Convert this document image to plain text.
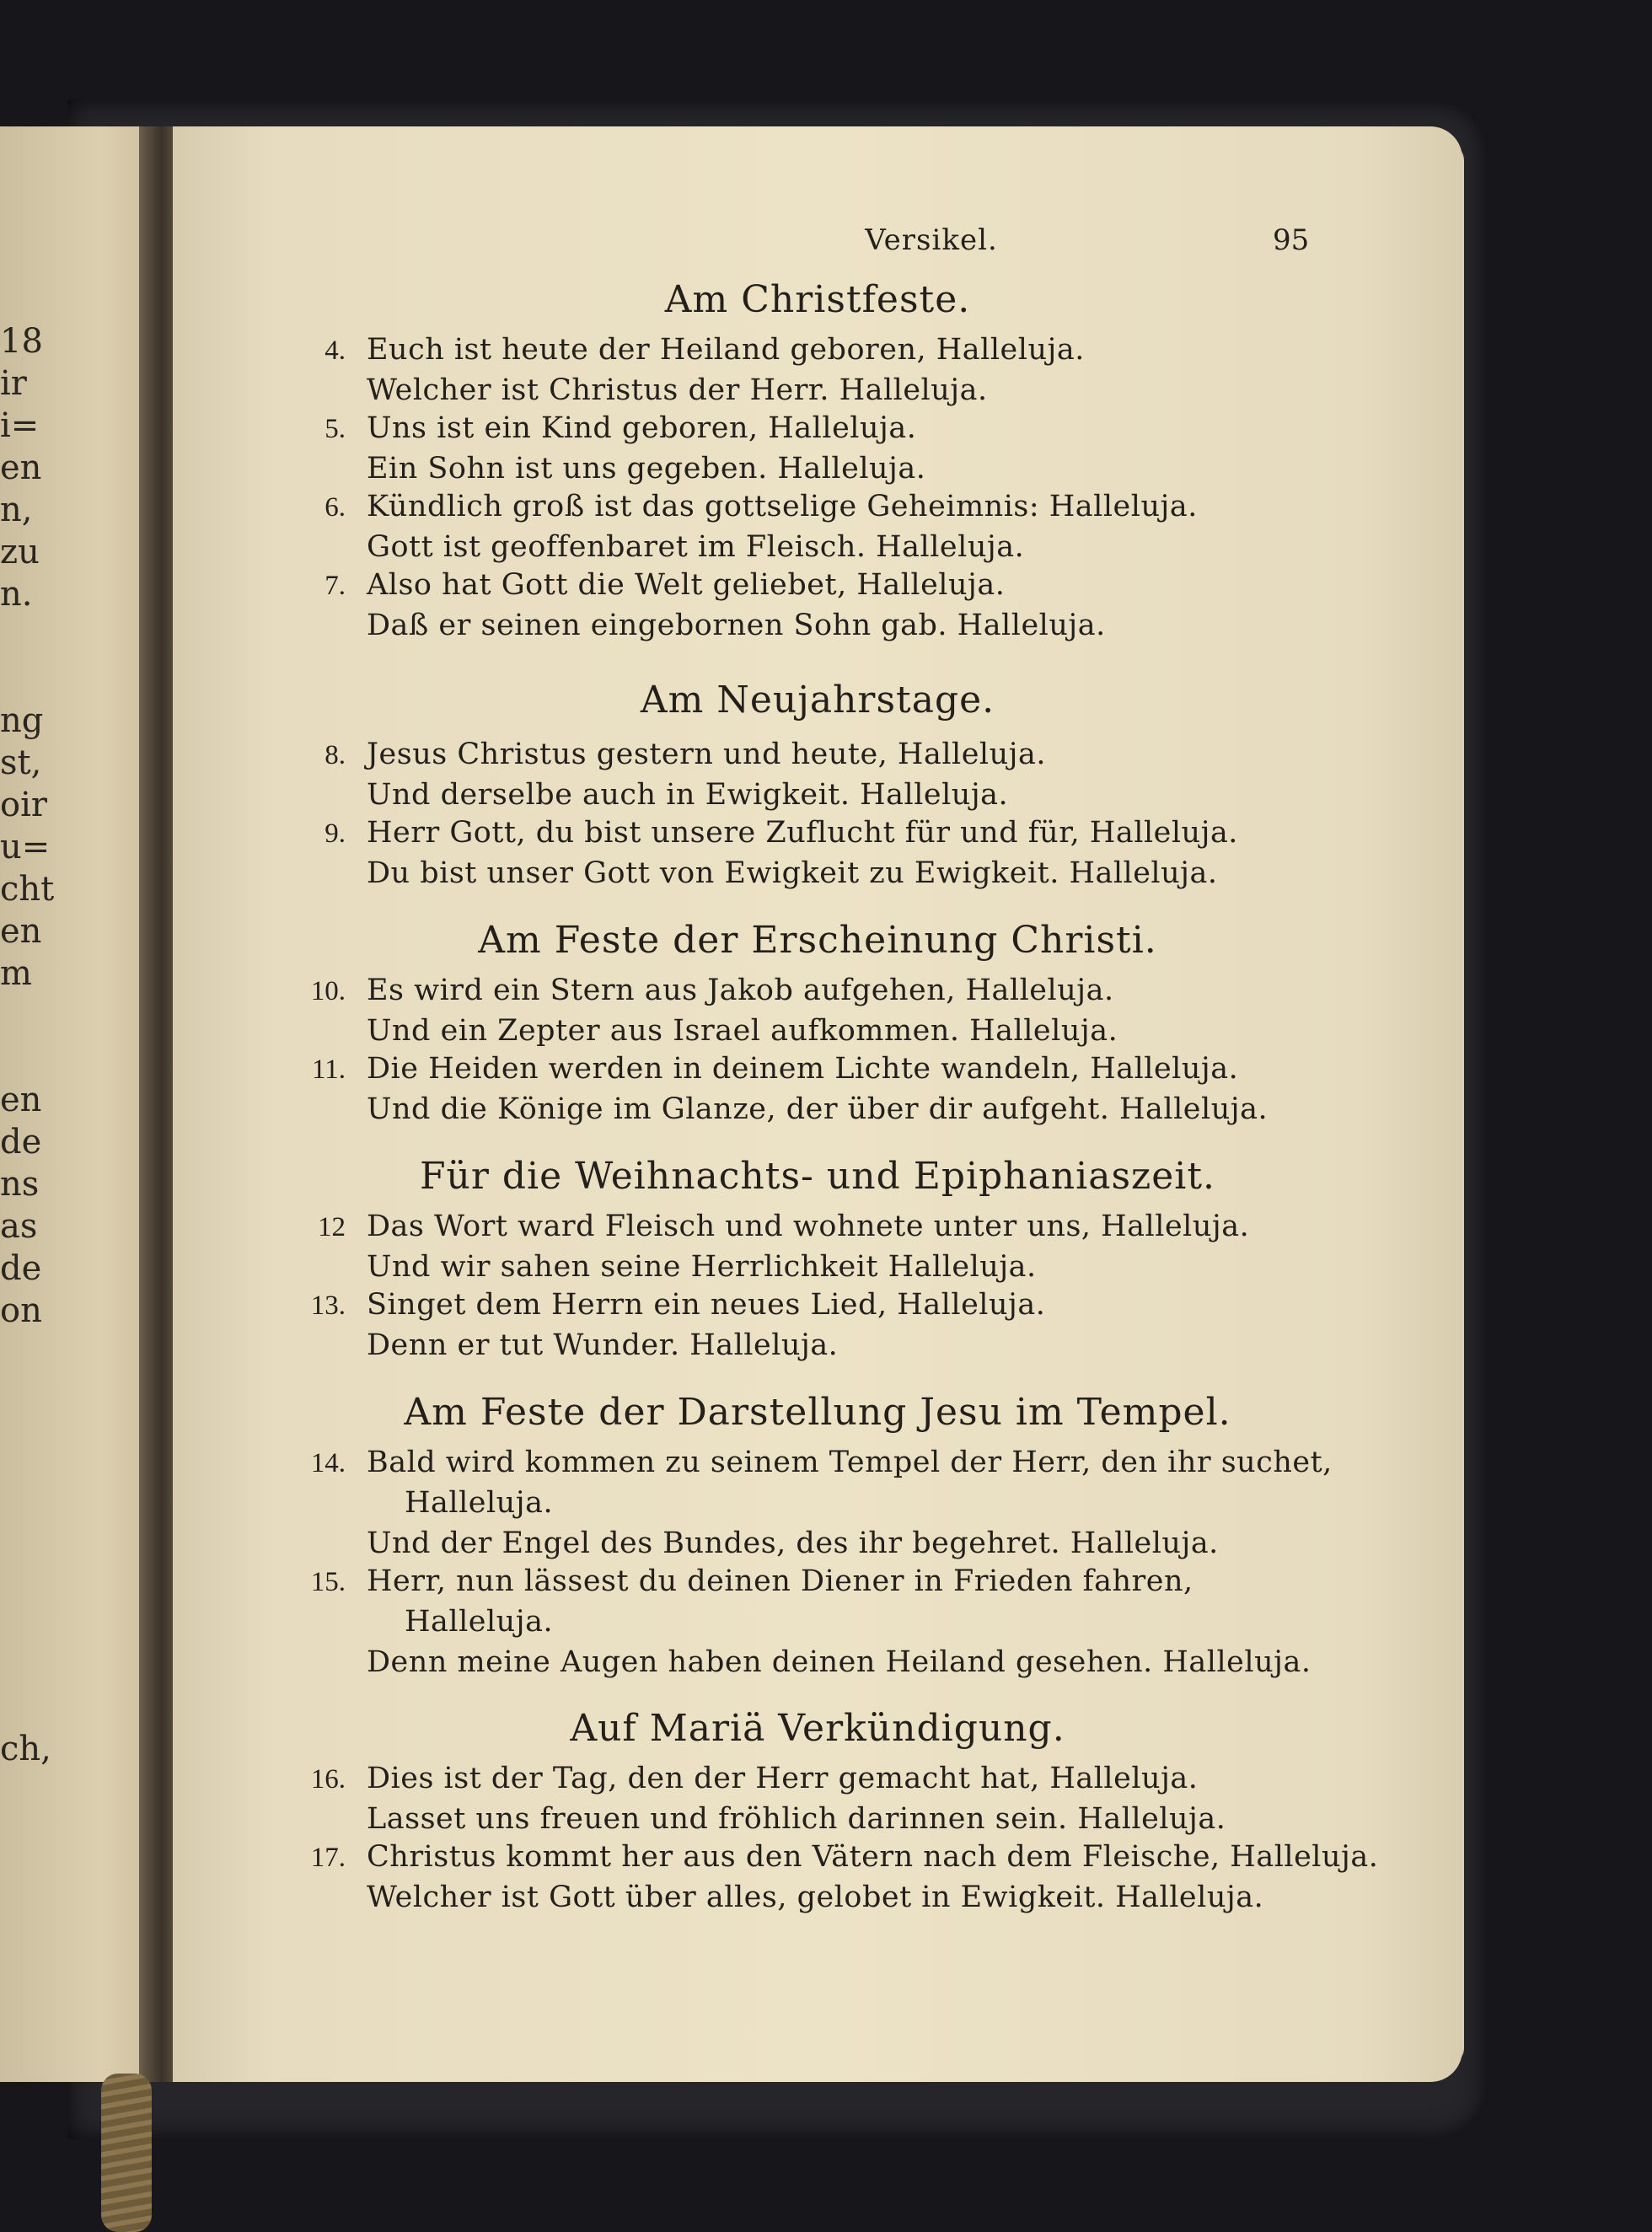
18
ir
i=
en
n,
zu
n.
ng
st,
oir
u=
cht
en
m
en
de
ns
as
de
on
ch,
Versikel.	95
Am Christfeste.
4. Euch ist heute der Heiland geboren, Halleluja.
Welcher ist Christus der Herr. Halleluja.
5. Uns ist ein Kind geboren, Halleluja.
Ein Sohn ist uns gegeben. Halleluja.
6. Kündlich groß ist das gottselige Geheimnis: Halleluja.
Gott ist geoffenbaret im Fleisch. Halleluja.
7. Also hat Gott die Welt geliebet, Halleluja.
Daß er seinen eingebornen Sohn gab. Halleluja.
Am Neujahrstage.
8. Jesus Christus gestern und heute, Halleluja.
Und derselbe auch in Ewigkeit. Halleluja.
9. Herr Gott, du bist unsere Zuflucht für und für, Halleluja.
Du bist unser Gott von Ewigkeit zu Ewigkeit. Halleluja.
Am Feste der Erscheinung Christi.
10. Es wird ein Stern aus Jakob aufgehen, Halleluja.
Und ein Zepter aus Israel aufkommen. Halleluja.
11. Die Heiden werden in deinem Lichte wandeln, Halleluja.
Und die Könige im Glanze, der über dir aufgeht. Halleluja.
Für die Weihnachts- und Epiphaniaszeit.
12 Das Wort ward Fleisch und wohnete unter uns, Halleluja.
Und wir sahen seine Herrlichkeit Halleluja.
13. Singet dem Herrn ein neues Lied, Halleluja.
Denn er tut Wunder. Halleluja.
Am Feste der Darstellung Jesu im Tempel.
14. Bald wird kommen zu seinem Tempel der Herr, den ihr suchet,
Halleluja.
Und der Engel des Bundes, des ihr begehret. Halleluja.
15. Herr, nun lässest du deinen Diener in Frieden fahren,
Halleluja.
Denn meine Augen haben deinen Heiland gesehen. Halleluja.
Auf Mariä Verkündigung.
16. Dies ist der Tag, den der Herr gemacht hat, Halleluja.
Lasset uns freuen und fröhlich darinnen sein. Halleluja.
17. Christus kommt her aus den Vätern nach dem Fleische, Halleluja.
Welcher ist Gott über alles, gelobet in Ewigkeit. Halleluja.
